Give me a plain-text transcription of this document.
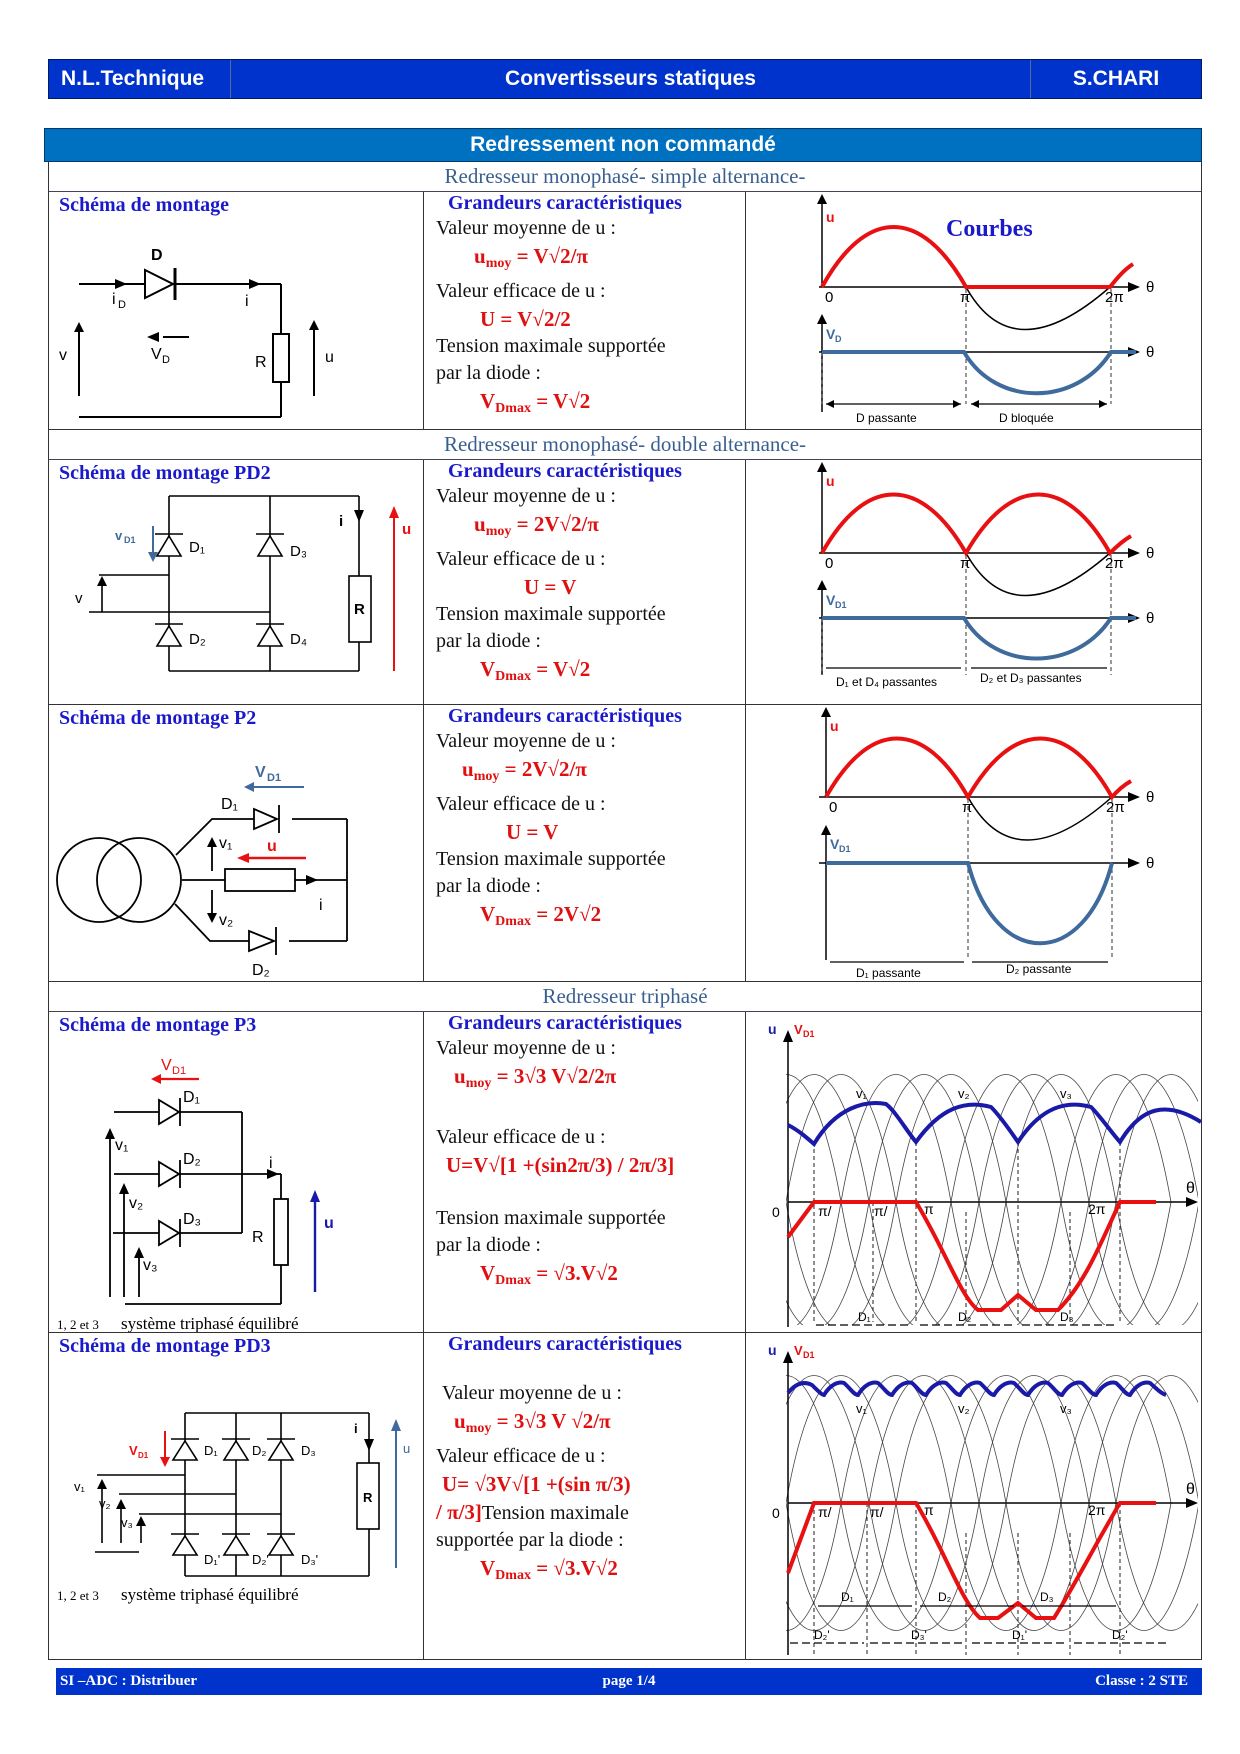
N.L.Technique	Convertisseurs statiques	S.CHARI
Redressement non commandé
Redresseur monophasé- simple alternance-
Schéma de montage
D
i D
V D
i
R	u
v
Grandeurs caractéristiques
Valeur moyenne de u :
$u_{moy} = V√2/\pi$
Valeur efficace de u :
U = V√2/2
Tension maximale supportée
par la diode :
$V_{Dmax} = V√2$
Courbes
u
V D
θ
θ
0	π	2π
D passante	D bloquée
Redresseur monophasé- double alternance-
Schéma de montage PD2
v D1	D₁	D₃
D₂	D₄
i
R
u
v
Grandeurs caractéristiques
Valeur moyenne de u :
$u_{moy} = 2V√2/\pi$
Valeur efficace de u :
U = V
Tension maximale supportée
par la diode :
$V_{Dmax} = V√2$
u
V D1
θ
θ
0	π	2π
D₁ et D₄ passantes	D₂ et D₃ passantes
Schéma de montage P2
V D1
D₁
v₁ u
i
v₂
D₂
Grandeurs caractéristiques
Valeur moyenne de u :
$u_{moy} = 2V√2/\pi$
Valeur efficace de u :
U = V
Tension maximale supportée
par la diode :
$V_{Dmax} = 2V√2$
u
V D1
θ
θ
0	π	2π
D₁ passante	D₂ passante
Redresseur triphasé
Schéma de montage P3
V D1
D₁
D₂
D₃
v₁
v₂
v₃
i
R
u
1, 2 et 3 système triphasé équilibré
Grandeurs caractéristiques
Valeur moyenne de u :
$u_{moy} = 3√3$ V√2/2π
Valeur efficace de u :
U=V√[1 +(sin2π/3) / 2π/3]
Tension maximale supportée
par la diode :
$V_{Dmax} = √3.V√2$
u V D1
θ
0	π/	π/	π	2π
v₁	v₂	v₃
D₁	D₂	D₃
Schéma de montage PD3
V D1	D₁	D₂	D₃
D₁' D₂' D₃'
v₁
v₂
v₃
i
R
u
1, 2 et 3 système triphasé équilibré
Grandeurs caractéristiques
Valeur moyenne de u :
$u_{moy} = 3√3$ V √2/π
Valeur efficace de u :
U= √3V√[1 +(sin π/3)
/ π/3]Tension maximale
supportée par la diode :
$V_{Dmax} = √3.V√2$
u V D1
θ
0	π/	π/	π	2π
v₁	v₂	v₃
D₁	D₂	D₃
D₂'	D₃'	D₁'	D₂'
SI –ADC : Distribuer	page 1/4	Classe : 2 STE
